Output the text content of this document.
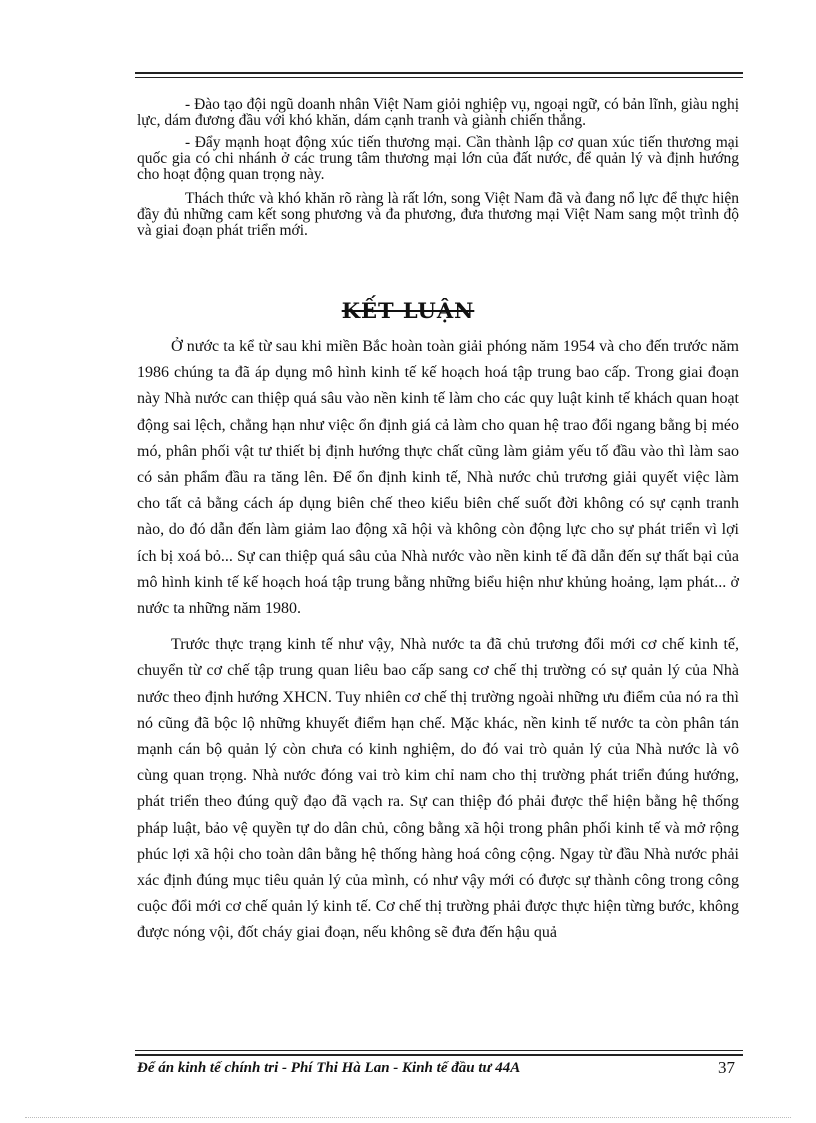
- Đào tạo đội ngũ doanh nhân Việt Nam giỏi nghiệp vụ, ngoại ngữ, có bản lĩnh, giàu nghị lực, dám đương đầu với khó khăn, dám cạnh tranh và giành chiến thắng.

- Đẩy mạnh hoạt động xúc tiến thương mại. Cần thành lập cơ quan xúc tiến thương mại quốc gia có chi nhánh ở các trung tâm thương mại lớn của đất nước, để quản lý và định hướng cho hoạt động quan trọng này.

Thách thức và khó khăn rõ ràng là rất lớn, song Việt Nam đã và đang nổ lực để thực hiện đầy đủ những cam kết song phương và đa phương, đưa thương mại Việt Nam sang một trình độ và giai đoạn phát triển mới.

KẾT LUẬN

Ở nước ta kể từ sau khi miền Bắc hoàn toàn giải phóng năm 1954 và cho đến trước năm 1986 chúng ta đã áp dụng mô hình kinh tế kế hoạch hoá tập trung bao cấp. Trong giai đoạn này Nhà nước can thiệp quá sâu vào nền kinh tế làm cho các quy luật kinh tế khách quan hoạt động sai lệch, chẳng hạn như việc ổn định giá cả làm cho quan hệ trao đổi ngang bằng bị méo mó, phân phối vật tư thiết bị định hướng thực chất cũng làm giảm yếu tố đầu vào thì làm sao có sản phẩm đầu ra tăng lên. Để ổn định kinh tế, Nhà nước chủ trương giải quyết việc làm cho tất cả bằng cách áp dụng biên chế theo kiểu biên chế suốt đời không có sự cạnh tranh nào, do đó dẫn đến làm giảm lao động xã hội và không còn động lực cho sự phát triển vì lợi ích bị xoá bỏ... Sự can thiệp quá sâu của Nhà nước vào nền kinh tế đã dẫn đến sự thất bại của mô hình kinh tế kế hoạch hoá tập trung bằng những biểu hiện như khủng hoảng, lạm phát... ở nước ta những năm 1980.

Trước thực trạng kinh tế như vậy, Nhà nước ta đã chủ trương đổi mới cơ chế kinh tế, chuyển từ cơ chế tập trung quan liêu bao cấp sang cơ chế thị trường có sự quản lý của Nhà nước theo định hướng XHCN. Tuy nhiên cơ chế thị trường ngoài những ưu điểm của nó ra thì nó cũng đã bộc lộ những khuyết điểm hạn chế. Mặc khác, nền kinh tế nước ta còn phân tán mạnh cán bộ quản lý còn chưa có kinh nghiệm, do đó vai trò quản lý của Nhà nước là vô cùng quan trọng. Nhà nước đóng vai trò kim chỉ nam cho thị trường phát triển đúng hướng, phát triển theo đúng quỹ đạo đã vạch ra. Sự can thiệp đó phải được thể hiện bằng hệ thống pháp luật, bảo vệ quyền tự do dân chủ, công bằng xã hội trong phân phối kinh tế và mở rộng phúc lợi xã hội cho toàn dân bằng hệ thống hàng hoá công cộng. Ngay từ đầu Nhà nước phải xác định đúng mục tiêu quản lý của mình, có như vậy mới có được sự thành công trong công cuộc đổi mới cơ chế quản lý kinh tế. Cơ chế thị trường phải được thực hiện từng bước, không được nóng vội, đốt cháy giai đoạn, nếu không sẽ đưa đến hậu quả

Để án kinh tế chính tri - Phí Thi Hà Lan - Kinh tế đầu tư 44A	37
